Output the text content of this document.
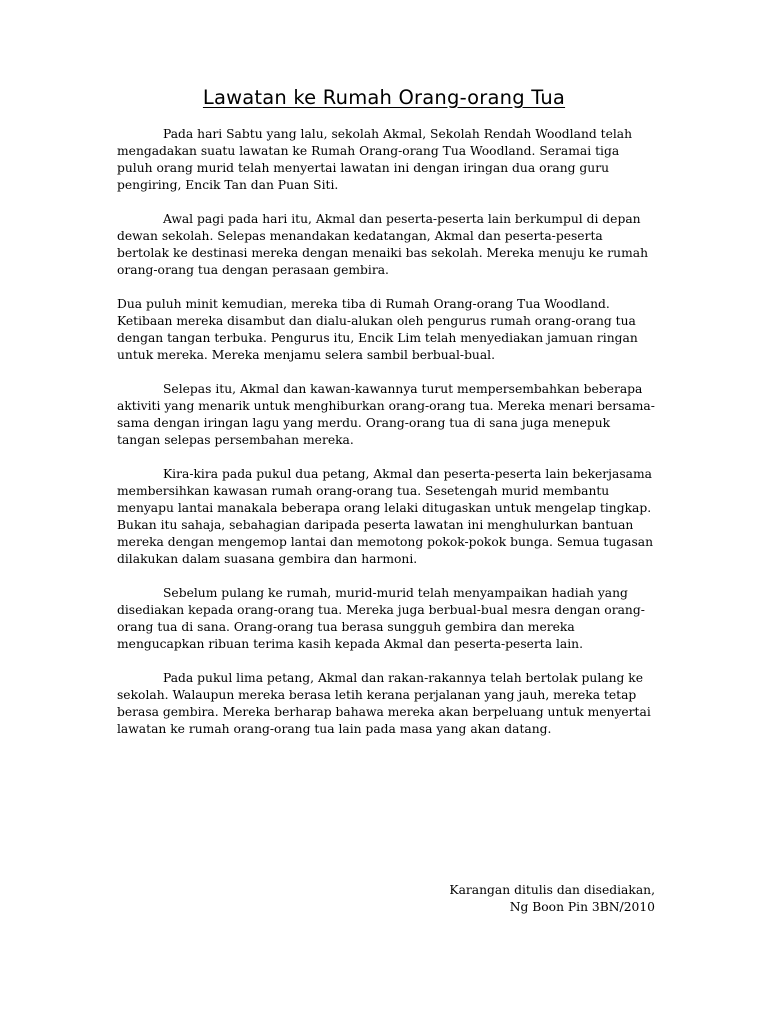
Lawatan ke Rumah Orang-orang Tua

Pada hari Sabtu yang lalu, sekolah Akmal, Sekolah Rendah Woodland telah mengadakan suatu lawatan ke Rumah Orang-orang Tua Woodland. Seramai tiga puluh orang murid telah menyertai lawatan ini dengan iringan dua orang guru pengiring, Encik Tan dan Puan Siti.

Awal pagi pada hari itu, Akmal dan peserta-peserta lain berkumpul di depan dewan sekolah. Selepas menandakan kedatangan, Akmal dan peserta-peserta bertolak ke destinasi mereka dengan menaiki bas sekolah. Mereka menuju ke rumah orang-orang tua dengan perasaan gembira.

Dua puluh minit kemudian, mereka tiba di Rumah Orang-orang Tua Woodland. Ketibaan mereka disambut dan dialu-alukan oleh pengurus rumah orang-orang tua dengan tangan terbuka. Pengurus itu, Encik Lim telah menyediakan jamuan ringan untuk mereka. Mereka menjamu selera sambil berbual-bual.

Selepas itu, Akmal dan kawan-kawannya turut mempersembahkan beberapa aktiviti yang menarik untuk menghiburkan orang-orang tua. Mereka menari bersama-sama dengan iringan lagu yang merdu. Orang-orang tua di sana juga menepuk tangan selepas persembahan mereka.

Kira-kira pada pukul dua petang, Akmal dan peserta-peserta lain bekerjasama membersihkan kawasan rumah orang-orang tua. Sesetengah murid membantu menyapu lantai manakala beberapa orang lelaki ditugaskan untuk mengelap tingkap. Bukan itu sahaja, sebahagian daripada peserta lawatan ini menghulurkan bantuan mereka dengan mengemop lantai dan memotong pokok-pokok bunga. Semua tugasan dilakukan dalam suasana gembira dan harmoni.

Sebelum pulang ke rumah, murid-murid telah menyampaikan hadiah yang disediakan kepada orang-orang tua. Mereka juga berbual-bual mesra dengan orang-orang tua di sana. Orang-orang tua berasa sungguh gembira dan mereka mengucapkan ribuan terima kasih kepada Akmal dan peserta-peserta lain.

Pada pukul lima petang, Akmal dan rakan-rakannya telah bertolak pulang ke sekolah. Walaupun mereka berasa letih kerana perjalanan yang jauh, mereka tetap berasa gembira. Mereka berharap bahawa mereka akan berpeluang untuk menyertai lawatan ke rumah orang-orang tua lain pada masa yang akan datang.

Karangan ditulis dan disediakan,
Ng Boon Pin 3BN/2010
